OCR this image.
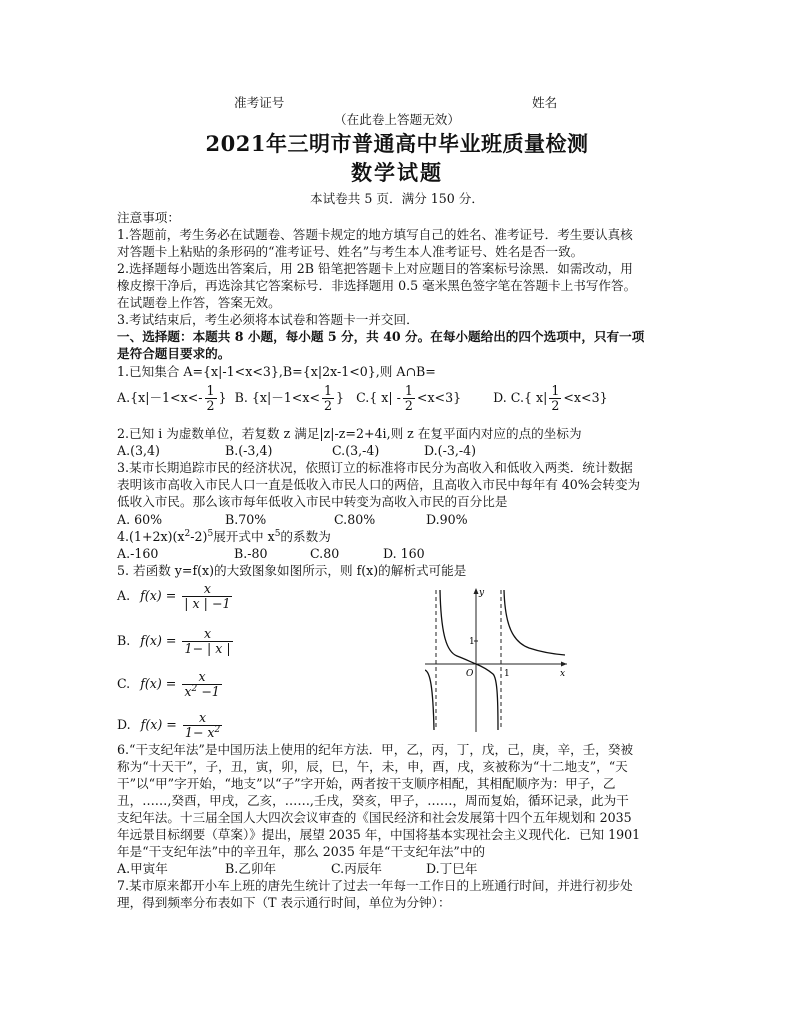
准考证号	姓名
（在此卷上答题无效）
2021年三明市普通高中毕业班质量检测
数学试题
本试卷共 5 页．满分 150 分．
注意事项：
1.答题前，考生务必在试题卷、答题卡规定的地方填写自己的姓名、准考证号．考生要认真核
对答题卡上粘贴的条形码的“准考证号、姓名”与考生本人准考证号、姓名是否一致。
2.选择题每小题选出答案后，用 2B 铅笔把答题卡上对应题目的答案标号涂黑．如需改动，用
橡皮擦干净后，再选涂其它答案标号．非选择题用 0.5 毫米黑色签字笔在答题卡上书写作答。
在试题卷上作答，答案无效。
3.考试结束后，考生必须将本试卷和答题卡一并交回．
一、选择题：本题共 8 小题，每小题 5 分，共 40 分。在每小题给出的四个选项中，只有一项
是符合题目要求的。
1.已知集合 A={x|-1<x<3},B={x|2x-1<0},则 A∩B=
$A.\{x|-1<x<- \frac{1}{2}$ } B. {$x|-1<x< \frac{1}{2}$ } C.{ $x| - \frac{1}{2} <x<3$}	D. C.{ $x| \frac{1}{2} <x<3$}
2.已知 i 为虚数单位，若复数 z 满足|z|-z=2+4i,则 z 在复平面内对应的点的坐标为
A.(3,4)	B.(-3,4)	C.(3,-4)	D.(-3,-4)
3.某市长期追踪市民的经济状况，依照订立的标准将市民分为高收入和低收入两类．统计数据
表明该市高收入市民人口一直是低收入市民人口的两倍，且高收入市民中每年有 40%会转变为
低收入市民。那么该市每年低收入市民中转变为高收入市民的百分比是
A. 60%	B.70%	C.80%	D.90%
$4.(1+2x)(x^2-2)^5$展开式中 $x^5$的系数为
A.-160	B.-80	C.80	D. 160
5. 若函数 y=f(x)的大致图象如图所示，则 f(x)的解析式可能是
A. $f(x) = \frac{x}{| x | -1}$
B. $f(x) = \frac{x}{1- | x |}$
C. $f(x) = \frac{x}{x^2 -1}$
D. $f(x) = \frac{x}{1- x^2}$
y
x
O	1
1
6.“干支纪年法”是中国历法上使用的纪年方法．甲，乙，丙，丁，戊，己，庚，辛，壬，癸被
称为“十天干”，子，丑，寅，卯，辰，巳，午，未，申，酉，戌，亥被称为“十二地支”，“天
干”以“甲”字开始，“地支”以“子”字开始，两者按干支顺序相配，其相配顺序为：甲子，乙
丑，……,癸酉，甲戌，乙亥，……,壬戌，癸亥，甲子，……，周而复始，循环记录，此为干
支纪年法。十三届全国人大四次会议审查的《国民经济和社会发展第十四个五年规划和 2035
年远景目标纲要（草案）》提出，展望 2035 年，中国将基本实现社会主义现代化．已知 1901
年是“干支纪年法”中的辛丑年，那么 2035 年是“干支纪年法”中的
A.甲寅年	B.乙卯年	C.丙辰年	D.丁巳年
7.某市原来都开小车上班的唐先生统计了过去一年每一工作日的上班通行时间，并进行初步处
理，得到频率分布表如下（T 表示通行时间，单位为分钟）：
